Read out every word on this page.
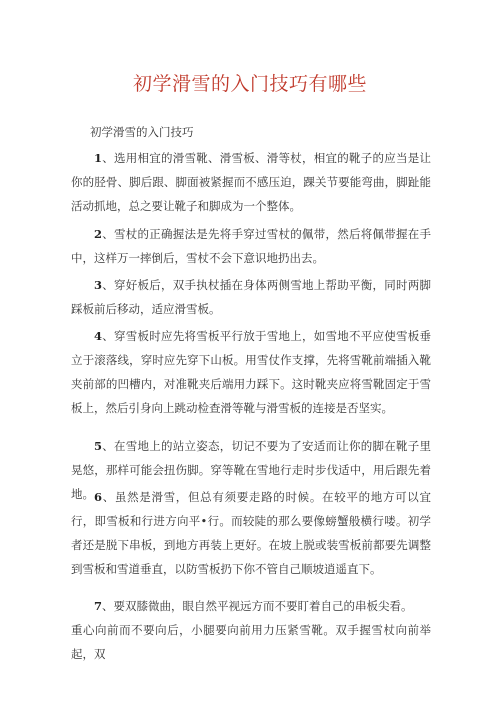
初学滑雪的入门技巧有哪些
初学滑雪的入门技巧

1、选用相宜的滑雪靴、滑雪板、滑等杖，相宜的靴子的应当是让你的胫骨、脚后跟、脚面被紧握而不感压迫，踝关节要能弯曲，脚趾能活动抓地，总之要让靴子和脚成为一个整体。

2、雪杖的正确握法是先将手穿过雪杖的佩带，然后将佩带握在手中，这样万一摔倒后，雪杖不会下意识地扔出去。

3、穿好板后，双手执杖插在身体两侧雪地上帮助平衡，同时两脚踩板前后移动，适应滑雪板。

4、穿雪板时应先将雪板平行放于雪地上，如雪地不平应使雪板垂立于滚落线，穿时应先穿下山板。用雪仗作支撑，先将雪靴前端插入靴夹前部的凹槽内，对准靴夹后端用力踩下。这时靴夹应将雪靴固定于雪板上，然后引身向上跳动检查滑等靴与滑雪板的连接是否坚实。

5、在雪地上的站立姿态，切记不要为了安适而让你的脚在靴子里晃悠，那样可能会扭伤脚。穿等靴在雪地行走时步伐适中，用后跟先着地。 6、虽然是滑雪，但总有须要走路的时候。在较平的地方可以宜行，即雪板和行进方向平•行。而较陡的那么要像螃蟹般横行喽。初学者还是脱下串板，到地方再装上更好。在坡上脱或装雪板前都要先调整到雪板和雪道垂直，以防雪板扔下你不管自己顺坡逍遥直下。

7、要双膝微曲，眼自然平视远方而不要盯着自己的串板尖看。

重心向前而不要向后，小腿要向前用力压紧雪靴。双手握雪杖向前举起，双
